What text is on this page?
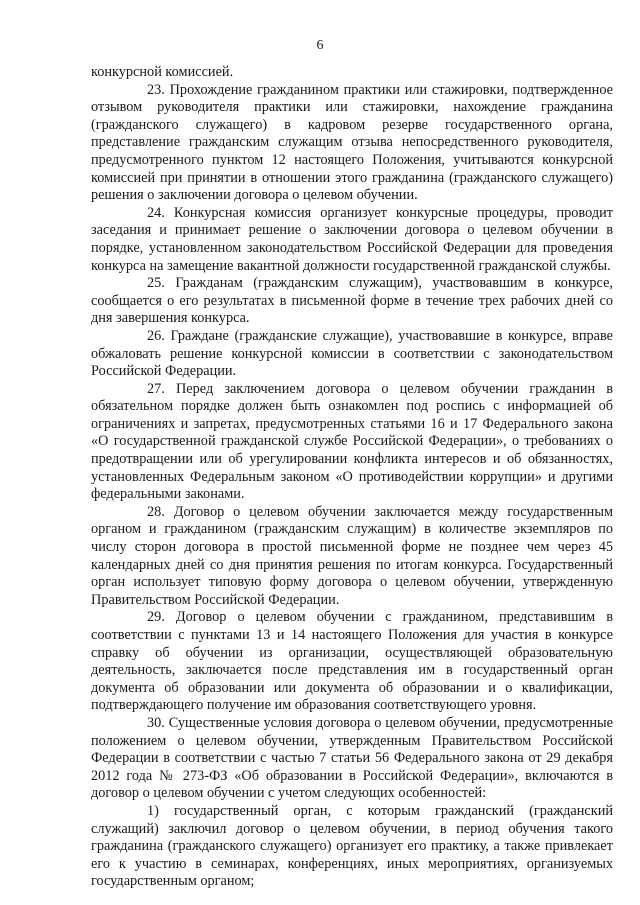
6

конкурсной комиссией.

23. Прохождение гражданином практики или стажировки, подтвержденное отзывом руководителя практики или стажировки, нахождение гражданина (гражданского служащего) в кадровом резерве государственного органа, представление гражданским служащим отзыва непосредственного руководителя, предусмотренного пунктом 12 настоящего Положения, учитываются конкурсной комиссией при принятии в отношении этого гражданина (гражданского служащего) решения о заключении договора о целевом обучении.

24. Конкурсная комиссия организует конкурсные процедуры, проводит заседания и принимает решение о заключении договора о целевом обучении в порядке, установленном законодательством Российской Федерации для проведения конкурса на замещение вакантной должности государственной гражданской службы.

25. Гражданам (гражданским служащим), участвовавшим в конкурсе, сообщается о его результатах в письменной форме в течение трех рабочих дней со дня завершения конкурса.

26. Граждане (гражданские служащие), участвовавшие в конкурсе, вправе обжаловать решение конкурсной комиссии в соответствии с законодательством Российской Федерации.

27. Перед заключением договора о целевом обучении гражданин в обязательном порядке должен быть ознакомлен под роспись с информацией об ограничениях и запретах, предусмотренных статьями 16 и 17 Федерального закона «О государственной гражданской службе Российской Федерации», о требованиях о предотвращении или об урегулировании конфликта интересов и об обязанностях, установленных Федеральным законом «О противодействии коррупции» и другими федеральными законами.

28. Договор о целевом обучении заключается между государственным органом и гражданином (гражданским служащим) в количестве экземпляров по числу сторон договора в простой письменной форме не позднее чем через 45 календарных дней со дня принятия решения по итогам конкурса. Государственный орган использует типовую форму договора о целевом обучении, утвержденную Правительством Российской Федерации.

29. Договор о целевом обучении с гражданином, представившим в соответствии с пунктами 13 и 14 настоящего Положения для участия в конкурсе справку об обучении из организации, осуществляющей образовательную деятельность, заключается после представления им в государственный орган документа об образовании или документа об образовании и о квалификации, подтверждающего получение им образования соответствующего уровня.

30. Существенные условия договора о целевом обучении, предусмотренные положением о целевом обучении, утвержденным Правительством Российской Федерации в соответствии с частью 7 статьи 56 Федерального закона от 29 декабря 2012 года № 273-ФЗ «Об образовании в Российской Федерации», включаются в договор о целевом обучении с учетом следующих особенностей:

1) государственный орган, с которым гражданский (гражданский служащий) заключил договор о целевом обучении, в период обучения такого гражданина (гражданского служащего) организует его практику, а также привлекает его к участию в семинарах, конференциях, иных мероприятиях, организуемых государственным органом;
